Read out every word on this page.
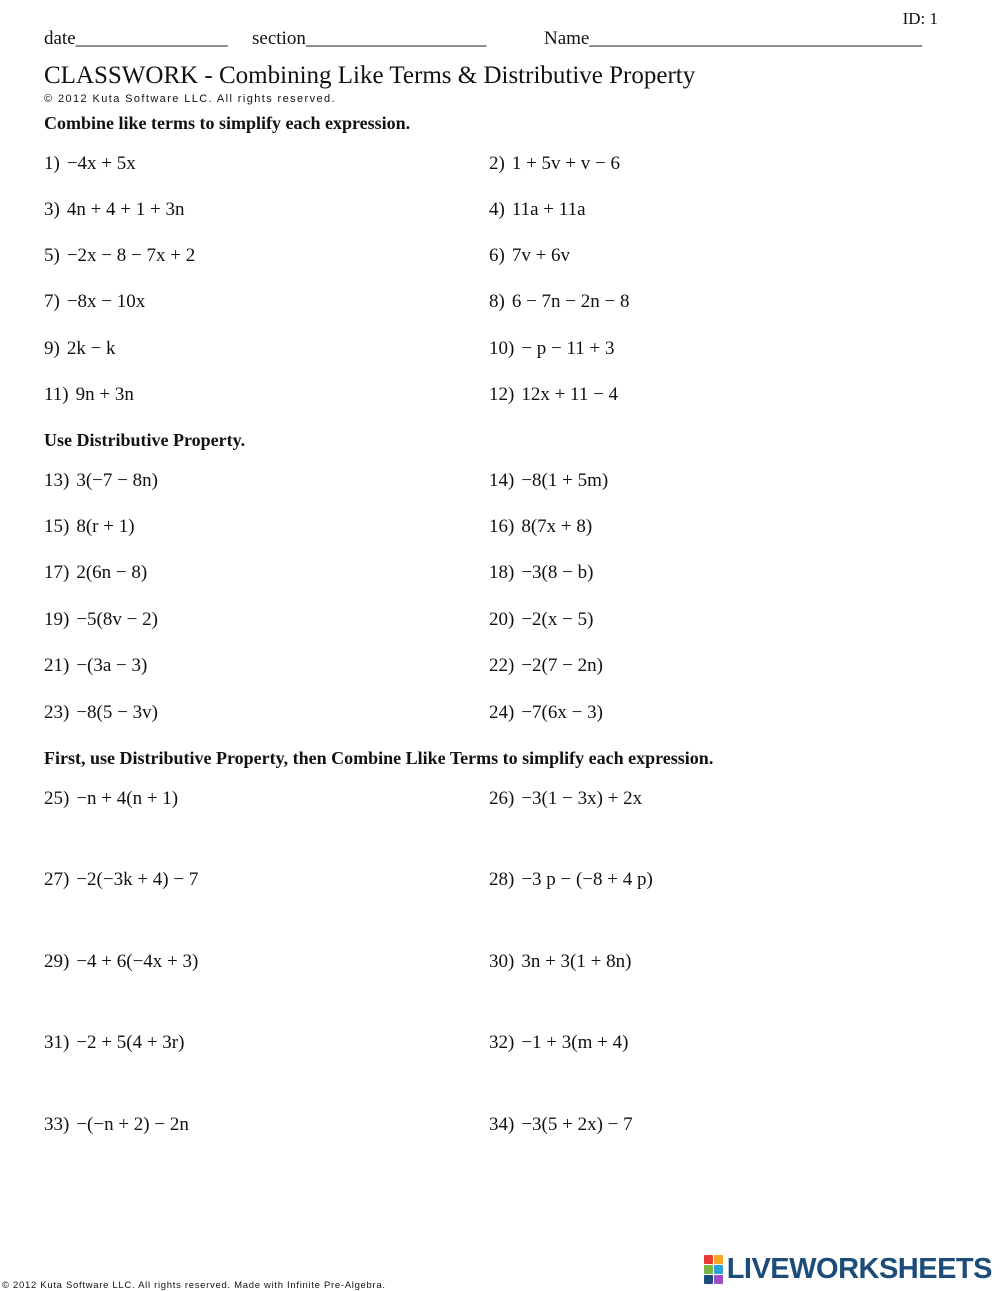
ID: 1
date________________ section___________________	Name___________________________________
CLASSWORK - Combining Like Terms & Distributive Property
© 2012 Kuta Software LLC. All rights reserved.
Combine like terms to simplify each expression.
Use Distributive Property.
First, use Distributive Property, then Combine Llike Terms to simplify each expression.
1) −4x + 5x	2) 1 + 5v + v − 6
3) 4n + 4 + 1 + 3n	4) 11a + 11a
5) −2x − 8 − 7x + 2	6) 7v + 6v
7) −8x − 10x	8) 6 − 7n − 2n − 8
9) 2k − k	10) − p − 11 + 3
11) 9n + 3n	12) 12x + 11 − 4
13) 3(−7 − 8n)	14) −8(1 + 5m)
15) 8(r + 1)	16) 8(7x + 8)
17) 2(6n − 8)	18) −3(8 − b)
19) −5(8v − 2)	20) −2(x − 5)
21) −(3a − 3)	22) −2(7 − 2n)
23) −8(5 − 3v)	24) −7(6x − 3)
25) −n + 4(n + 1)	26) −3(1 − 3x) + 2x
27) −2(−3k + 4) − 7	28) −3 p − (−8 + 4 p)
29) −4 + 6(−4x + 3)	30) 3n + 3(1 + 8n)
31) −2 + 5(4 + 3r)	32) −1 + 3(m + 4)
33) −(−n + 2) − 2n	34) −3(5 + 2x) − 7
© 2012 Kuta Software LLC. All rights reserved. Made with Infinite Pre-Algebra.
LIVEWORKSHEETS
